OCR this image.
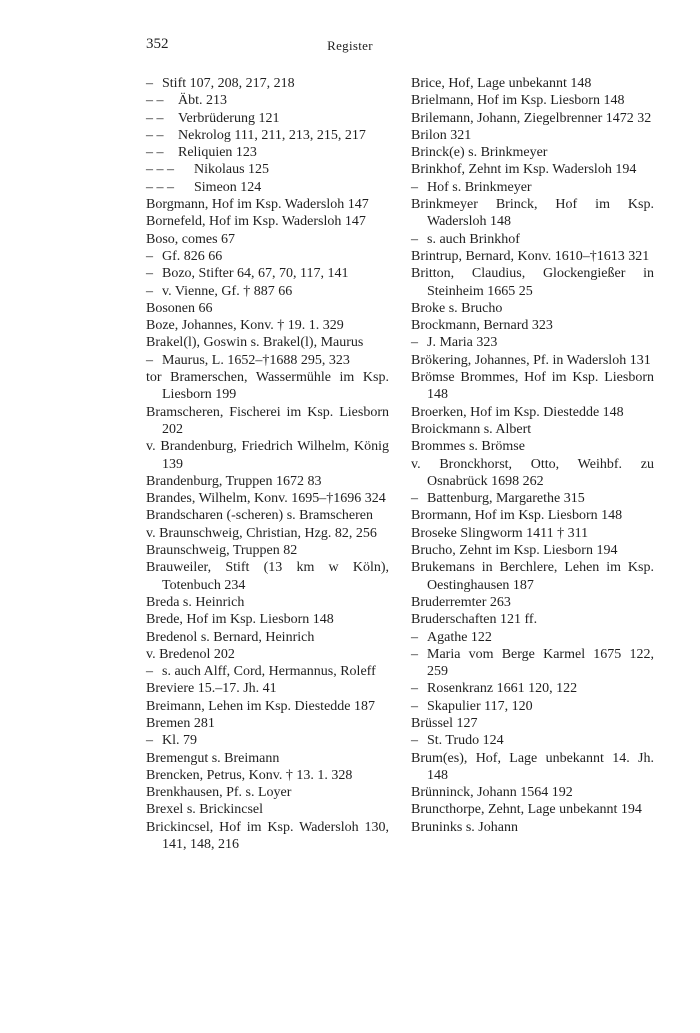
352	Register
– Stift 107, 208, 217, 218
– – Äbt. 213
– – Verbrüderung 121
– – Nekrolog 111, 211, 213, 215, 217
– – Reliquien 123
– – – Nikolaus 125
– – – Simeon 124
Borgmann, Hof im Ksp. Wadersloh 147
Bornefeld, Hof im Ksp. Wadersloh 147
Boso, comes 67
– Gf. 826 66
– Bozo, Stifter 64, 67, 70, 117, 141
– v. Vienne, Gf. † 887 66
Bosonen 66
Boze, Johannes, Konv. † 19. 1. 329
Brakel(l), Goswin s. Brakel(l), Maurus
– Maurus, L. 1652–†1688 295, 323
tor Bramerschen, Wassermühle im Ksp. Liesborn 199
Bramscheren, Fischerei im Ksp. Liesborn 202
v. Brandenburg, Friedrich Wilhelm, König 139
Brandenburg, Truppen 1672 83
Brandes, Wilhelm, Konv. 1695–†1696 324
Brandscharen (-scheren) s. Bramscheren
v. Braunschweig, Christian, Hzg. 82, 256
Braunschweig, Truppen 82
Brauweiler, Stift (13 km w Köln), Totenbuch 234
Breda s. Heinrich
Brede, Hof im Ksp. Liesborn 148
Bredenol s. Bernard, Heinrich
v. Bredenol 202
– s. auch Alff, Cord, Hermannus, Roleff
Breviere 15.–17. Jh. 41
Breimann, Lehen im Ksp. Diestedde 187
Bremen 281
– Kl. 79
Bremengut s. Breimann
Brencken, Petrus, Konv. † 13. 1. 328
Brenkhausen, Pf. s. Loyer
Brexel s. Brickincsel
Brickincsel, Hof im Ksp. Wadersloh 130, 141, 148, 216
Brice, Hof, Lage unbekannt 148
Brielmann, Hof im Ksp. Liesborn 148
Brilemann, Johann, Ziegelbrenner 1472 32
Brilon 321
Brinck(e) s. Brinkmeyer
Brinkhof, Zehnt im Ksp. Wadersloh 194
– Hof s. Brinkmeyer
Brinkmeyer Brinck, Hof im Ksp. Wadersloh 148
– s. auch Brinkhof
Brintrup, Bernard, Konv. 1610–†1613 321
Britton, Claudius, Glockengießer in Steinheim 1665 25
Broke s. Brucho
Brockmann, Bernard 323
– J. Maria 323
Brökering, Johannes, Pf. in Wadersloh 131
Brömse Brommes, Hof im Ksp. Liesborn 148
Broerken, Hof im Ksp. Diestedde 148
Broickmann s. Albert
Brommes s. Brömse
v. Bronckhorst, Otto, Weihbf. zu Osnabrück 1698 262
– Battenburg, Margarethe 315
Brormann, Hof im Ksp. Liesborn 148
Broseke Slingworm 1411 † 311
Brucho, Zehnt im Ksp. Liesborn 194
Brukemans in Berchlere, Lehen im Ksp. Oestinghausen 187
Bruderremter 263
Bruderschaften 121 ff.
– Agathe 122
– Maria vom Berge Karmel 1675 122, 259
– Rosenkranz 1661 120, 122
– Skapulier 117, 120
Brüssel 127
– St. Trudo 124
Brum(es), Hof, Lage unbekannt 14. Jh. 148
Brünninck, Johann 1564 192
Bruncthorpe, Zehnt, Lage unbekannt 194
Bruninks s. Johann
